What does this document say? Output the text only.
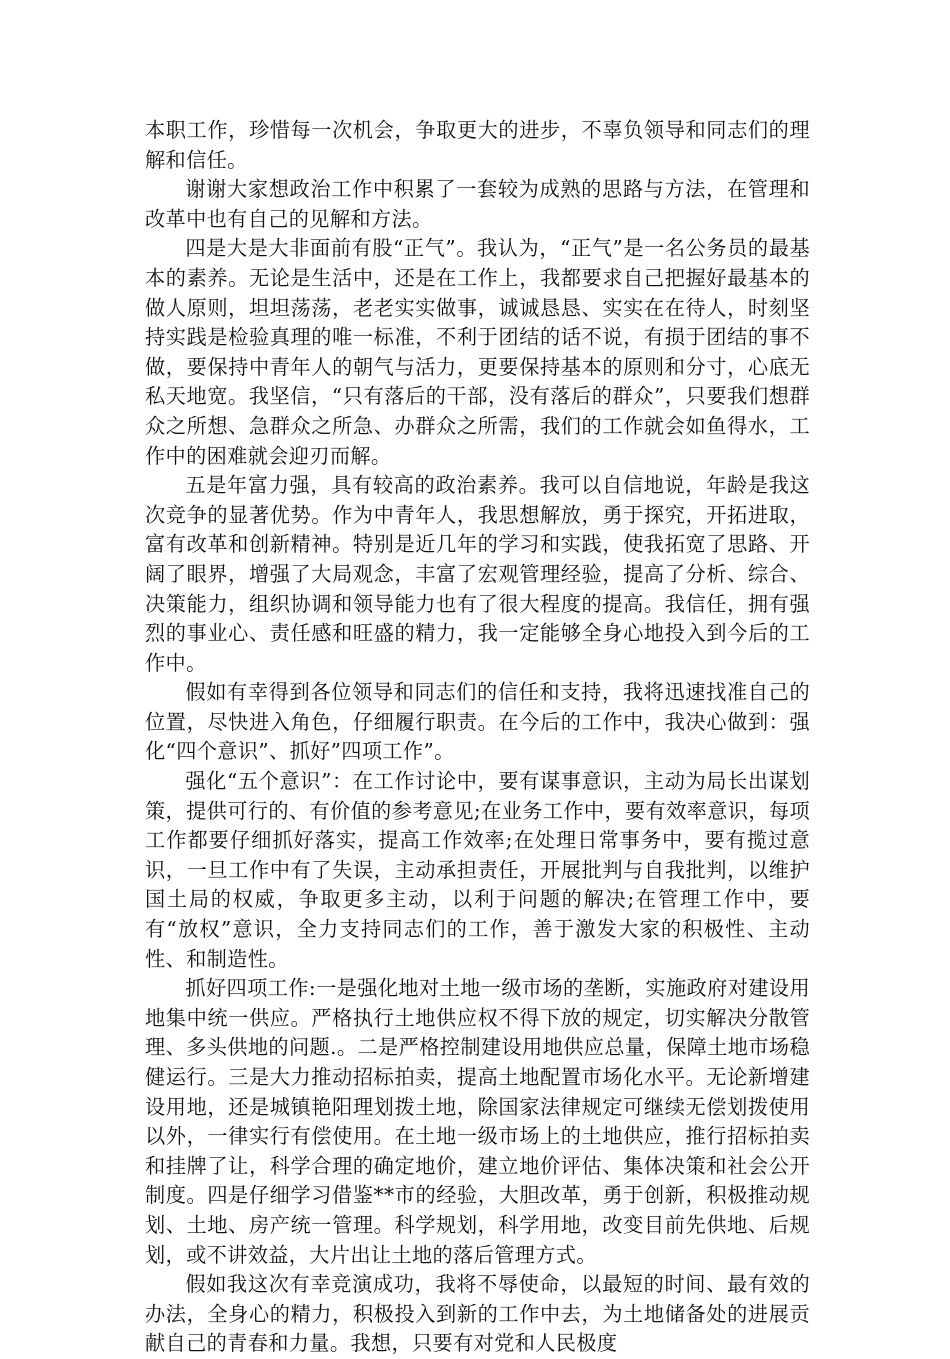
本职工作，珍惜每一次机会，争取更大的进步，不辜负领导和同志们的理解和信任。

谢谢大家想政治工作中积累了一套较为成熟的思路与方法，在管理和改革中也有自己的见解和方法。

四是大是大非面前有股“正气”。我认为，“正气”是一名公务员的最基本的素养。无论是生活中，还是在工作上，我都要求自己把握好最基本的做人原则，坦坦荡荡，老老实实做事，诚诚恳恳、实实在在待人，时刻坚持实践是检验真理的唯一标准，不利于团结的话不说，有损于团结的事不做，要保持中青年人的朝气与活力，更要保持基本的原则和分寸，心底无私天地宽。我坚信，“只有落后的干部，没有落后的群众”，只要我们想群众之所想、急群众之所急、办群众之所需，我们的工作就会如鱼得水，工作中的困难就会迎刃而解。

五是年富力强，具有较高的政治素养。我可以自信地说，年龄是我这次竞争的显著优势。作为中青年人，我思想解放，勇于探究，开拓进取，富有改革和创新精神。特别是近几年的学习和实践，使我拓宽了思路、开阔了眼界，增强了大局观念，丰富了宏观管理经验，提高了分析、综合、决策能力，组织协调和领导能力也有了很大程度的提高。我信任，拥有强烈的事业心、责任感和旺盛的精力，我一定能够全身心地投入到今后的工作中。

假如有幸得到各位领导和同志们的信任和支持，我将迅速找准自己的位置，尽快进入角色，仔细履行职责。在今后的工作中，我决心做到：强化“四个意识”、抓好”四项工作”。

强化“五个意识”：在工作讨论中，要有谋事意识，主动为局长出谋划策，提供可行的、有价值的参考意见;在业务工作中，要有效率意识，每项工作都要仔细抓好落实，提高工作效率;在处理日常事务中，要有揽过意识，一旦工作中有了失误，主动承担责任，开展批判与自我批判，以维护国土局的权威，争取更多主动，以利于问题的解决;在管理工作中，要有“放权”意识，全力支持同志们的工作，善于激发大家的积极性、主动性、和制造性。

抓好四项工作:一是强化地对土地一级市场的垄断，实施政府对建设用地集中统一供应。严格执行土地供应权不得下放的规定，切实解决分散管理、多头供地的问题.。二是严格控制建设用地供应总量，保障土地市场稳健运行。三是大力推动招标拍卖，提高土地配置市场化水平。无论新增建设用地，还是城镇艳阳理划拨土地，除国家法律规定可继续无偿划拨使用以外，一律实行有偿使用。在土地一级市场上的土地供应，推行招标拍卖和挂牌了让，科学合理的确定地价，建立地价评估、集体决策和社会公开制度。四是仔细学习借鉴**市的经验，大胆改革，勇于创新，积极推动规划、土地、房产统一管理。科学规划，科学用地，改变目前先供地、后规划，或不讲效益，大片出让土地的落后管理方式。

假如我这次有幸竞演成功，我将不辱使命，以最短的时间、最有效的办法，全身心的精力，积极投入到新的工作中去，为土地储备处的进展贡献自己的青春和力量。我想，只要有对党和人民极度
